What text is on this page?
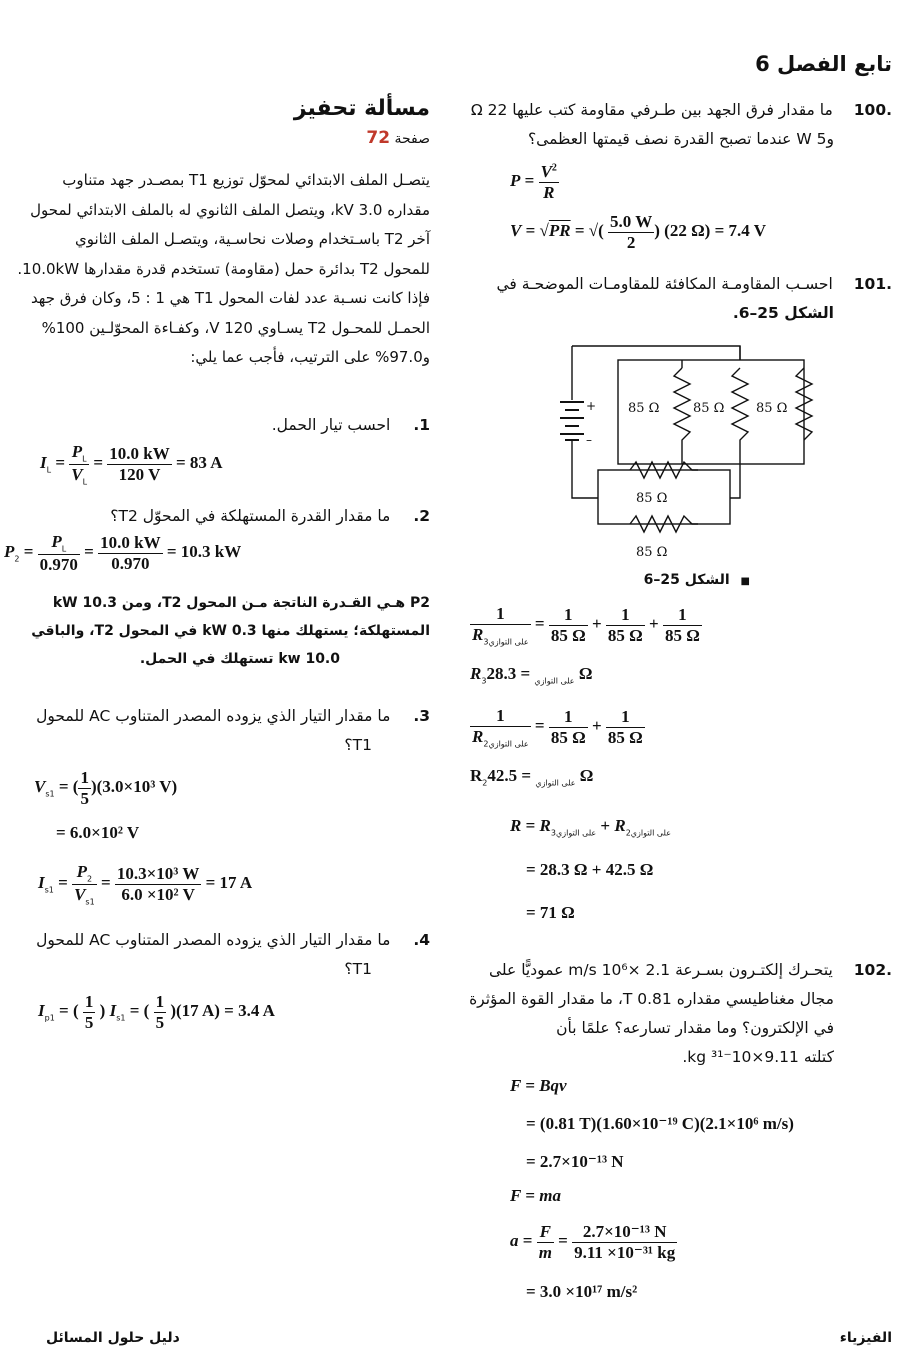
تابع الفصل 6
مسألة تحفيز
صفحة 72
يتصـل الملف الابتدائي لمحوّل توزيع T1 بمصـدر جهد متناوب
مقداره 3.0 kV، ويتصل الملف الثانوي له بالملف الابتدائي لمحول
آخر T2 باسـتخدام وصلات نحاسـية، ويتصـل الملف الثانوي
للمحول T2 بدائرة حمل (مقاومة) تستخدم قدرة مقدارها 10.0kW.
فإذا كانت نسـبة عدد لفات المحول T1 هي 1 : 5، وكان فرق جهد
الحمـل للمحـول T2 يسـاوي 120 V، وكفـاءة المحوّلـين 100%
و97.0% على الترتيب، فأجب عما يلي:
1. احسب تيار الحمل.
$I_L = \frac{P_L}{V_L} = \frac{10.0 kW}{120 V} = 83$ A
2. ما مقدار القدرة المستهلكة في المحوّل T2؟
$P_2 = \frac{P_L}{0.970} = \frac{10.0 kW}{0.970} = 10.3$ kW
P2 هـي القـدرة الناتجة مـن المحول T2، ومن 10.3 kW
المستهلكة؛ يستهلك منها 0.3 kW في المحول T2، والباقي
10.0 kw تستهلك في الحمل.
3. ما مقدار التيار الذي يزوده المصدر المتناوب AC للمحول
T1؟
$V_{s1}$ = ( $\frac{1}{5} )(3.0\times 10^3$ V)
= 6.0×10² V
$I_{s1} = \frac{P_2}{V_{s1}} = \frac{\text{10.3×10³ W}}{\text{6.0 ×10² V}} = 17$ A
4. ما مقدار التيار الذي يزوده المصدر المتناوب AC للمحول
T1؟
$I_{p1}$ = ( $\frac{1}{5}$ ) $I_{s1}$ = ( $\frac{1}{5} )(17$ A) = 3.4 A
.100 ما مقدار فرق الجهد بين طـرفي مقاومة كتب عليها 22 Ω
و5 W عندما تصبح القدرة نصف قيمتها العظمى؟
$P = \frac{V^2}{R}$
V = √PR = √( $\frac{5.0 W}{2}$ ) (22 Ω) = 7.4 V
.101 احسـب المقاومـة المكافئة للمقاومـات الموضحـة في
الشكل 25–6.
+
–
85 Ω	85 Ω 85 Ω
85 Ω
85 Ω
■ الشكل 25–6
$\frac{1}{R_{3على التوازي}} = \frac{1}{85 \Omega} + \frac{1}{85 \Omega} + \frac{1}{85 \Omega}$
$R_3$	$_{على التوازي}$ = 28.3 Ω
$\frac{1}{R_{2على التوازي}} = \frac{1}{85 \Omega} + \frac{1}{85 \Omega}$
$R_2$	$_{على التوازي}$ = 42.5 Ω
$R = R_{3على التوازي} + R_{2على التوازي}$
= 28.3 Ω + 42.5 Ω
= 71 Ω
.102 يتحـرك إلكتـرون بسـرعة 2.1 ×10⁶ m/s عموديًّا على
مجال مغناطيسي مقداره 0.81 T، ما مقدار القوة المؤثرة
في الإلكترون؟ وما مقدار تسارعه؟ علمًا بأن
كتلته 9.11×10⁻³¹ kg.
F = Bqv
= (0.81 T)(1.60×10⁻¹⁹ C)(2.1×10⁶ m/s)
= 2.7×10⁻¹³ N
F = ma
$a = \frac{F}{m} = \frac{\text{2.7×10⁻¹³ N}}{\text{9.11 ×10⁻³¹ kg}}$
= 3.0 ×10¹⁷ m/s²
الفيزياء
دليل حلول المسائل
